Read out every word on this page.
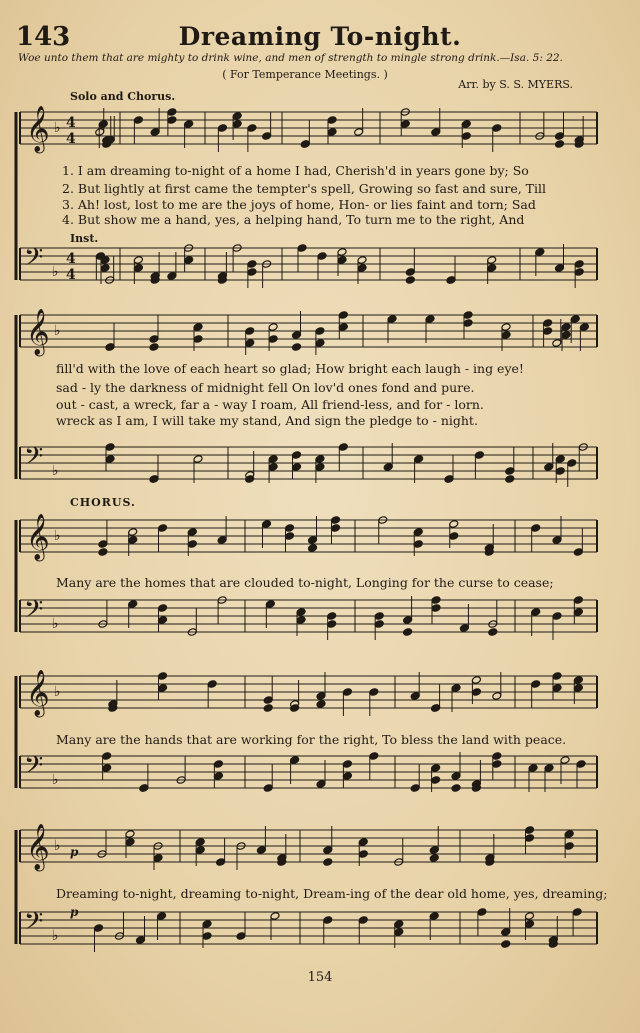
143	Dreaming To-night.
Woe unto them that are mighty to drink wine, and men of strength to mingle strong drink.—Isa. 5: 22.
( For Temperance Meetings. )
Arr. by S. S. MYERS.
𝄞 ♭ 4
4
𝄢 ♭
4
4
𝄞 ♭
𝄢 ♭
𝄞 ♭
𝄢 ♭
𝄞 ♭
𝄢 ♭
𝄞 ♭
𝄢 ♭
Solo and Chorus.
Inst.
CHORUS.
p
p
1. I am dreaming to-night of a home I had, Cherish'd in years gone by; So
2. But lightly at first came the tempter's spell, Growing so fast and sure, Till
3. Ah! lost, lost to me are the joys of home, Hon- or lies faint and torn; Sad
4. But show me a hand, yes, a helping hand, To turn me to the right, And
fill'd with the love of each heart so glad; How bright each laugh - ing eye!
sad - ly the darkness of midnight fell On lov'd ones fond and pure.
out - cast, a wreck, far a - way I roam, All friend-less, and for - lorn.
wreck as I am, I will take my stand, And sign the pledge to - night.
Many are the homes that are clouded to-night, Longing for the curse to cease;
Many are the hands that are working for the right, To bless the land with peace.
Dreaming to-night, dreaming to-night, Dream-ing of the dear old home, yes, dreaming;
154
